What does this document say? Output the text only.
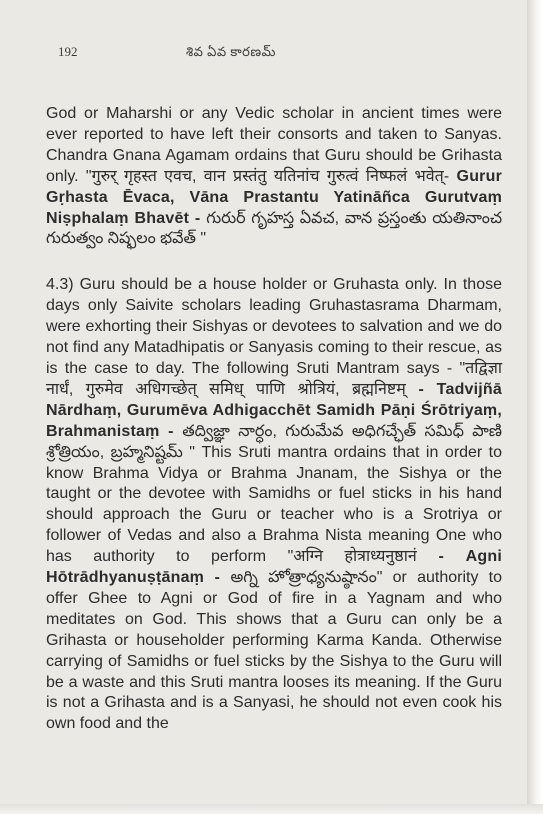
192	శివ ఏవ కారణమ్

God or Maharshi or any Vedic scholar in ancient times were ever reported to have left their consorts and taken to Sanyas. Chandra Gnana Agamam ordains that Guru should be Grihasta only. "गुरुर् गृहस्त एवच, वान प्रस्तंतु यतिनांच गुरुत्वं निष्फलं भवेत्- Gurur Gṛhasta Ēvaca, Vāna Prastantu Yatināñca Gurutvaṃ Niṣphalaṃ Bhavēt - గురుర్ గృహస్త ఏవచ, వాన ప్రస్తంతు యతినాంచ గురుత్వం నిష్ఫలం భవేత్ "

4.3) Guru should be a house holder or Gruhasta only. In those days only Saivite scholars leading Gruhastasrama Dharmam, were exhorting their Sishyas or devotees to salvation and we do not find any Matadhipatis or Sanyasis coming to their rescue, as is the case to day. The following Sruti Mantram says - "तद्विज्ञा नार्धं, गुरुमेव अधिगच्छेत् समिध् पाणि श्रोत्रियं, ब्रह्मनिष्टम् - Tadvijñā Nārdhaṃ, Gurumēva Adhigacchēt Samidh Pāṇi Śrōtriyaṃ, Brahmanistaṃ - తద్విజ్ఞా నార్ధం, గురుమేవ అధిగచ్ఛేత్ సమిధ్ పాణి శ్రోత్రియం, బ్రహ్మనిష్టమ్ " This Sruti mantra ordains that in order to know Brahma Vidya or Brahma Jnanam, the Sishya or the taught or the devotee with Samidhs or fuel sticks in his hand should approach the Guru or teacher who is a Srotriya or follower of Vedas and also a Brahma Nista meaning One who has authority to perform "अग्नि होत्राध्यनुष्ठानं - Agni Hōtrādhyanuṣṭānaṃ - అగ్ని హోత్రాధ్యనుష్ఠానం" or authority to offer Ghee to Agni or God of fire in a Yagnam and who meditates on God. This shows that a Guru can only be a Grihasta or householder performing Karma Kanda. Otherwise carrying of Samidhs or fuel sticks by the Sishya to the Guru will be a waste and this Sruti mantra looses its meaning. If the Guru is not a Grihasta and is a Sanyasi, he should not even cook his own food and the
